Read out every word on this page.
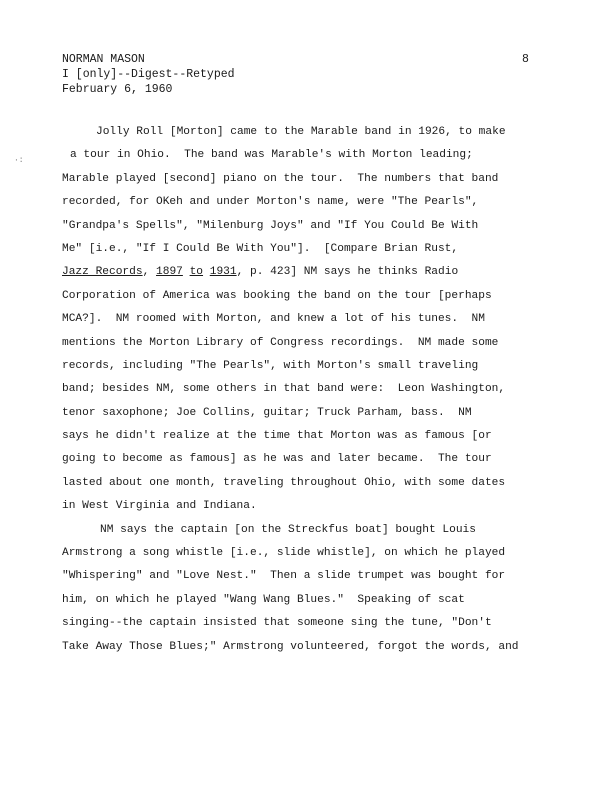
NORMAN MASON
I [only]--Digest--Retyped
February 6, 1960
8
·:
Jolly Roll [Morton] came to the Marable band in 1926, to make
a tour in Ohio.  The band was Marable's with Morton leading;
Marable played [second] piano on the tour.  The numbers that band
recorded, for OKeh and under Morton's name, were "The Pearls",
"Grandpa's Spells", "Milenburg Joys" and "If You Could Be With
Me" [i.e., "If I Could Be With You"].  [Compare Brian Rust,
Jazz Records, 1897 to 1931, p. 423] NM says he thinks Radio
Corporation of America was booking the band on the tour [perhaps
MCA?].  NM roomed with Morton, and knew a lot of his tunes.  NM
mentions the Morton Library of Congress recordings.  NM made some
records, including "The Pearls", with Morton's small traveling
band; besides NM, some others in that band were:  Leon Washington,
tenor saxophone; Joe Collins, guitar; Truck Parham, bass.  NM
says he didn't realize at the time that Morton was as famous [or
going to become as famous] as he was and later became.  The tour
lasted about one month, traveling throughout Ohio, with some dates
in West Virginia and Indiana.
NM says the captain [on the Streckfus boat] bought Louis
Armstrong a song whistle [i.e., slide whistle], on which he played
"Whispering" and "Love Nest."  Then a slide trumpet was bought for
him, on which he played "Wang Wang Blues."  Speaking of scat
singing--the captain insisted that someone sing the tune, "Don't
Take Away Those Blues;" Armstrong volunteered, forgot the words, and
